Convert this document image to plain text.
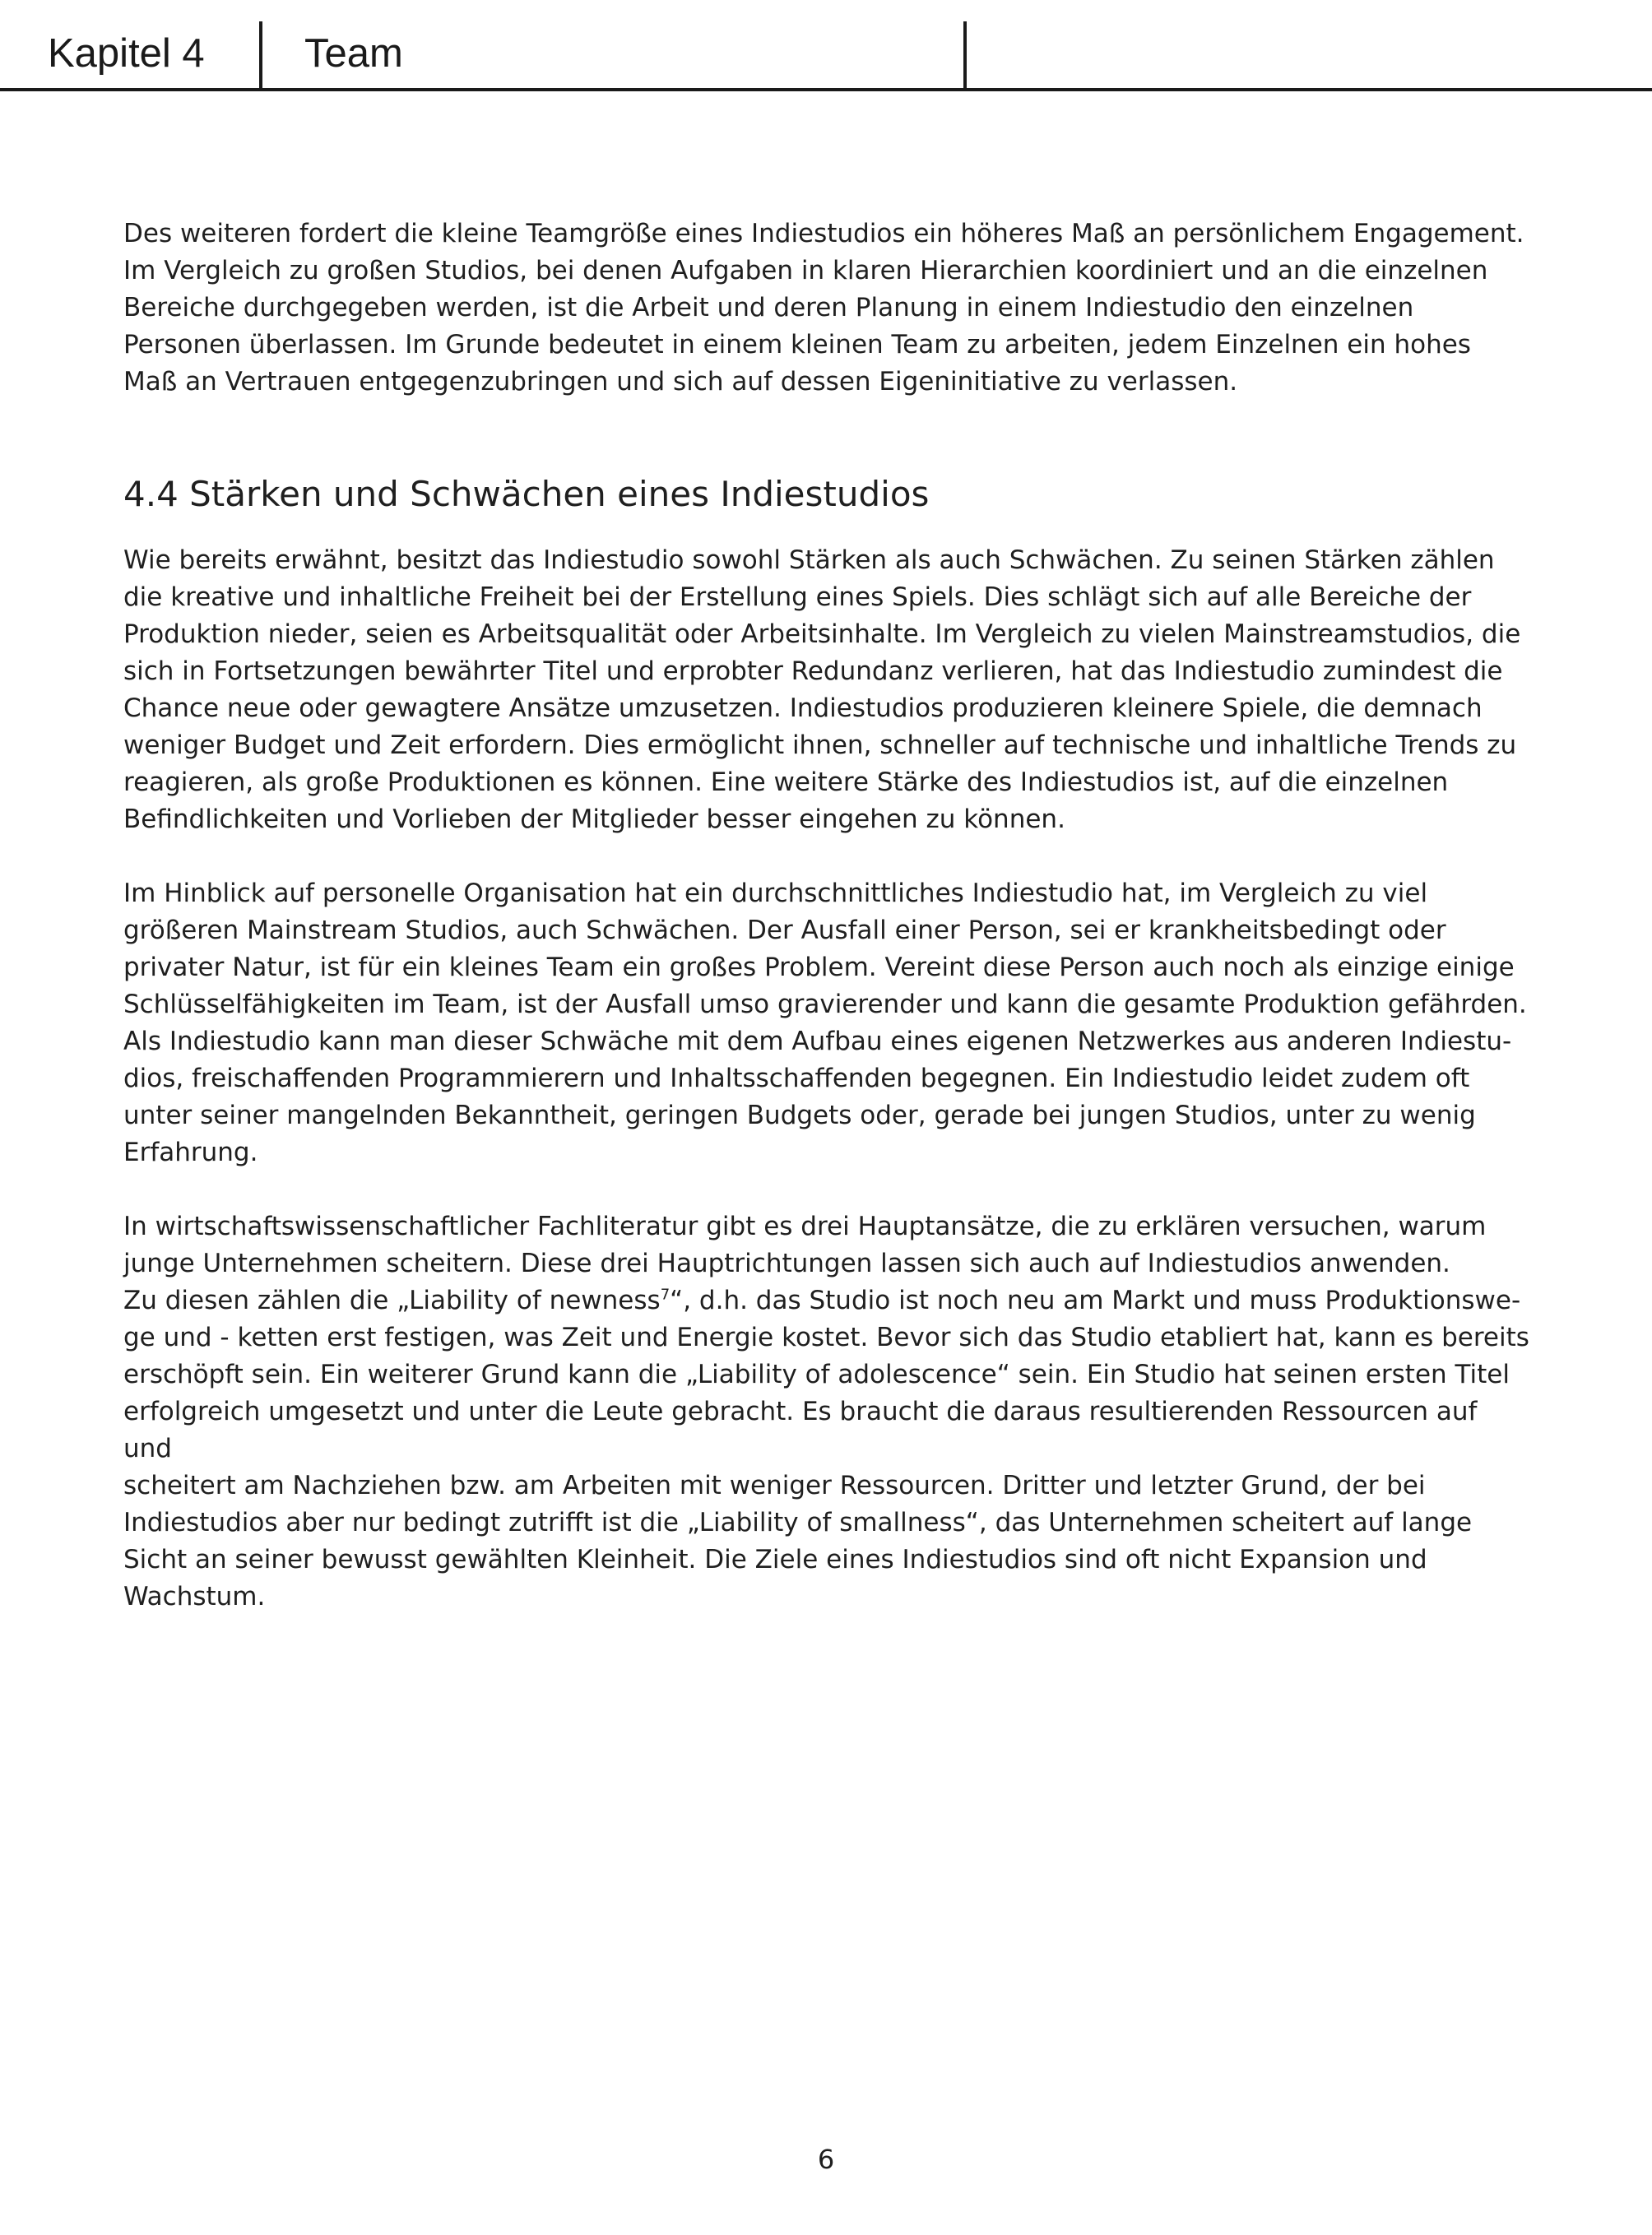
Kapitel 4 Team

Des weiteren fordert die kleine Teamgröße eines Indiestudios ein höheres Maß an persönlichem Engagement.
Im Vergleich zu großen Studios, bei denen Aufgaben in klaren Hierarchien koordiniert und an die einzelnen
Bereiche durchgegeben werden, ist die Arbeit und deren Planung in einem Indiestudio den einzelnen
Personen überlassen. Im Grunde bedeutet in einem kleinen Team zu arbeiten, jedem Einzelnen ein hohes
Maß an Vertrauen entgegenzubringen und sich auf dessen Eigeninitiative zu verlassen.

4.4 Stärken und Schwächen eines Indiestudios

Wie bereits erwähnt, besitzt das Indiestudio sowohl Stärken als auch Schwächen. Zu seinen Stärken zählen
die kreative und inhaltliche Freiheit bei der Erstellung eines Spiels. Dies schlägt sich auf alle Bereiche der
Produktion nieder, seien es Arbeitsqualität oder Arbeitsinhalte. Im Vergleich zu vielen Mainstreamstudios, die
sich in Fortsetzungen bewährter Titel und erprobter Redundanz verlieren, hat das Indiestudio zumindest die
Chance neue oder gewagtere Ansätze umzusetzen. Indiestudios produzieren kleinere Spiele, die demnach
weniger Budget und Zeit erfordern. Dies ermöglicht ihnen, schneller auf technische und inhaltliche Trends zu
reagieren, als große Produktionen es können. Eine weitere Stärke des Indiestudios ist, auf die einzelnen
Befindlichkeiten und Vorlieben der Mitglieder besser eingehen zu können.

Im Hinblick auf personelle Organisation hat ein durchschnittliches Indiestudio hat, im Vergleich zu viel
größeren Mainstream Studios, auch Schwächen. Der Ausfall einer Person, sei er krankheitsbedingt oder
privater Natur, ist für ein kleines Team ein großes Problem. Vereint diese Person auch noch als einzige einige
Schlüsselfähigkeiten im Team, ist der Ausfall umso gravierender und kann die gesamte Produktion gefährden.
Als Indiestudio kann man dieser Schwäche mit dem Aufbau eines eigenen Netzwerkes aus anderen Indiestu-
dios, freischaffenden Programmierern und Inhaltsschaffenden begegnen. Ein Indiestudio leidet zudem oft
unter seiner mangelnden Bekanntheit, geringen Budgets oder, gerade bei jungen Studios, unter zu wenig
Erfahrung.

In wirtschaftswissenschaftlicher Fachliteratur gibt es drei Hauptansätze, die zu erklären versuchen, warum
junge Unternehmen scheitern. Diese drei Hauptrichtungen lassen sich auch auf Indiestudios anwenden.
Zu diesen zählen die „Liability of newness$^7$“, d.h. das Studio ist noch neu am Markt und muss Produktionswe-
ge und - ketten erst festigen, was Zeit und Energie kostet. Bevor sich das Studio etabliert hat, kann es bereits
erschöpft sein. Ein weiterer Grund kann die „Liability of adolescence“ sein. Ein Studio hat seinen ersten Titel
erfolgreich umgesetzt und unter die Leute gebracht. Es braucht die daraus resultierenden Ressourcen auf und
scheitert am Nachziehen bzw. am Arbeiten mit weniger Ressourcen. Dritter und letzter Grund, der bei
Indiestudios aber nur bedingt zutrifft ist die „Liability of smallness“, das Unternehmen scheitert auf lange
Sicht an seiner bewusst gewählten Kleinheit. Die Ziele eines Indiestudios sind oft nicht Expansion und
Wachstum.

6
